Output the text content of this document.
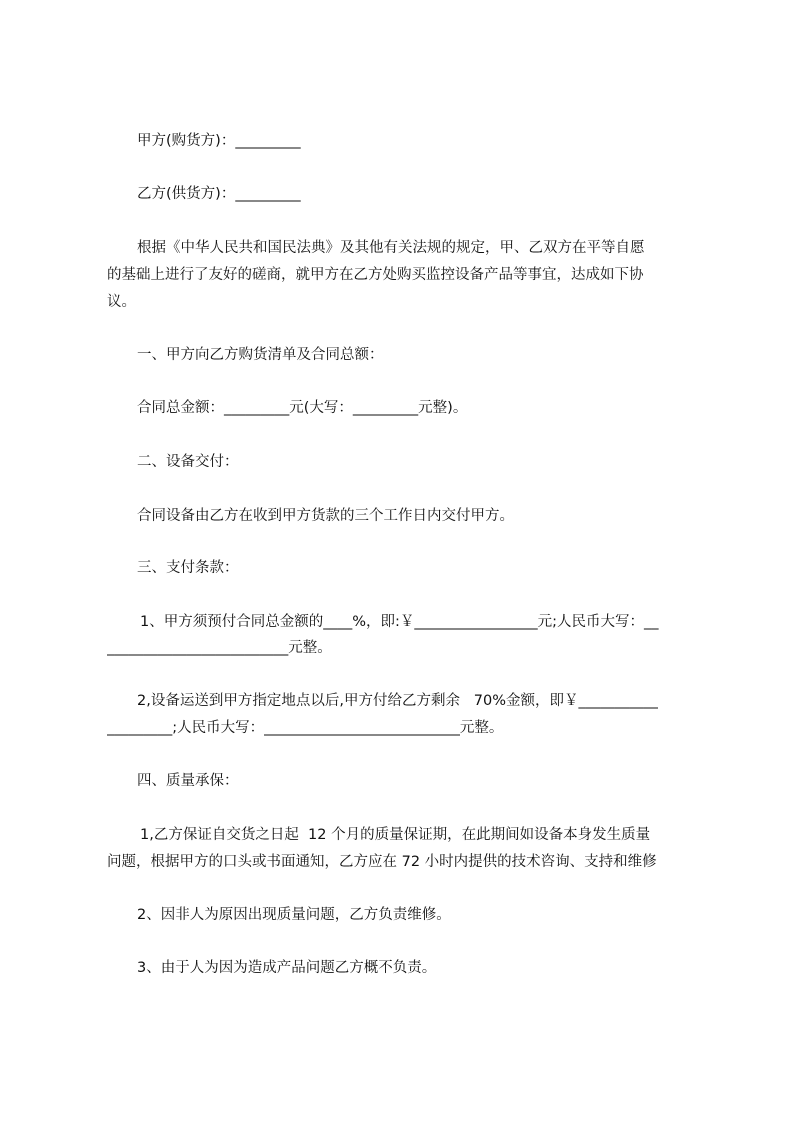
甲方(购货方)：_________
乙方(供货方)：_________
根据《中华人民共和国民法典》及其他有关法规的规定，甲、乙双方在平等自愿
的基础上进行了友好的磋商，就甲方在乙方处购买监控设备产品等事宜，达成如下协
议。
一、甲方向乙方购货清单及合同总额：
合同总金额：_________元(大写：_________元整)。
二、设备交付：
合同设备由乙方在收到甲方货款的三个工作日内交付甲方。
三、支付条款：
1、甲方须预付合同总金额的____%，即:￥_________________元;人民币大写：__
_________________________元整。
2,设备运送到甲方指定地点以后,甲方付给乙方剩余   70%金额，即￥___________
_________;人民币大写：___________________________元整。
四、质量承保：
1,乙方保证自交货之日起  12 个月的质量保证期，在此期间如设备本身发生质量
问题，根据甲方的口头或书面通知，乙方应在 72 小时内提供的技术咨询、支持和维修
2、因非人为原因出现质量问题，乙方负责维修。
3、由于人为因为造成产品问题乙方概不负责。
